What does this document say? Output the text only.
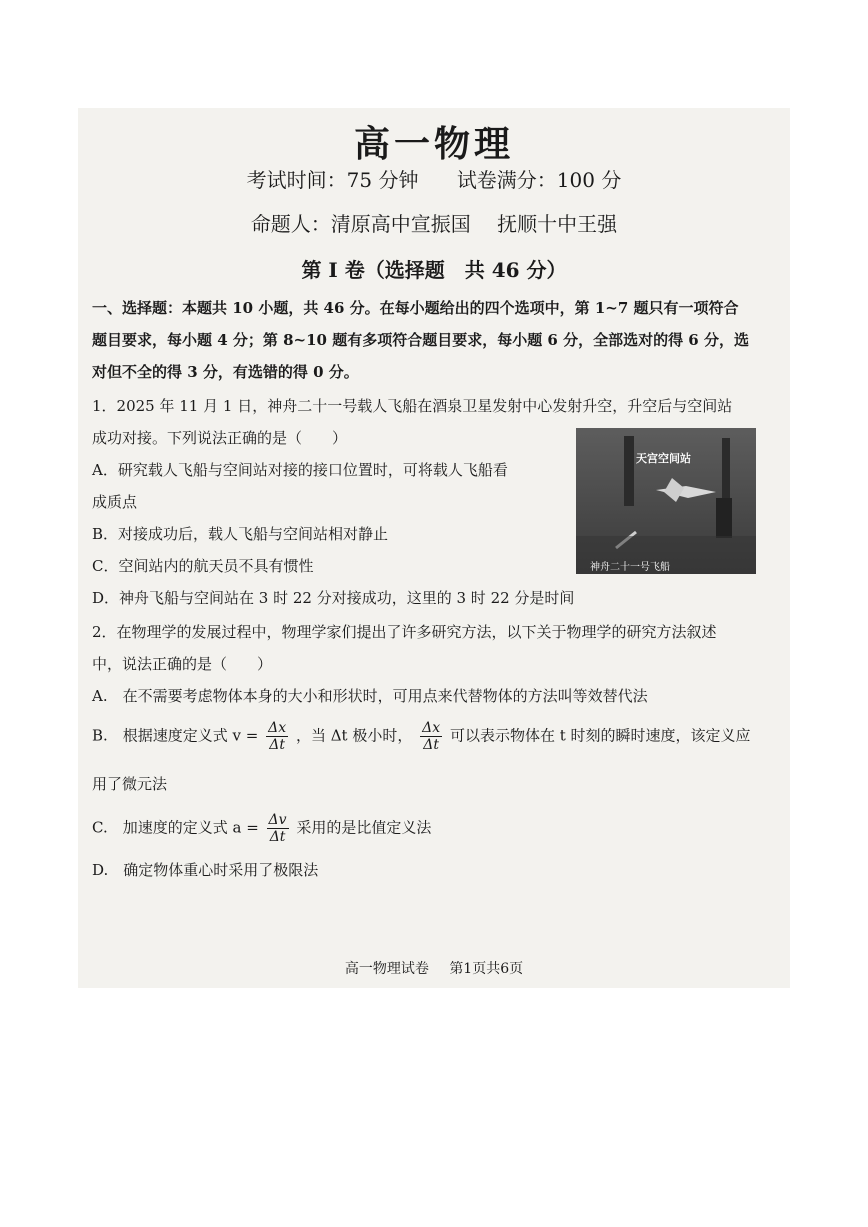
高一物理
考试时间：75 分钟 试卷满分：100 分
命题人：清原高中宣振国 抚顺十中王强
第 I 卷（选择题　共 46 分）
一、选择题：本题共 10 小题，共 46 分。在每小题给出的四个选项中，第 1~7 题只有一项符合
题目要求，每小题 4 分；第 8~10 题有多项符合题目要求，每小题 6 分，全部选对的得 6 分，选
对但不全的得 3 分，有选错的得 0 分。
1．2025 年 11 月 1 日，神舟二十一号载人飞船在酒泉卫星发射中心发射升空，升空后与空间站
成功对接。下列说法正确的是（　　）
A．研究载人飞船与空间站对接的接口位置时，可将载人飞船看
成质点
B．对接成功后，载人飞船与空间站相对静止
C．空间站内的航天员不具有惯性
D．神舟飞船与空间站在 3 时 22 分对接成功，这里的 3 时 22 分是时间
天宫空间站
神舟二十一号飞船
2．在物理学的发展过程中，物理学家们提出了许多研究方法，以下关于物理学的研究方法叙述
中，说法正确的是（　　）
A.　在不需要考虑物体本身的大小和形状时，可用点来代替物体的方法叫等效替代法
B.　根据速度定义式 $v = \frac{\Delta x}{\Delta t}$ ，当 Δt 极小时， $\frac{\Delta x}{\Delta t}$ 可以表示物体在 t 时刻的瞬时速度，该定义应
用了微元法
C.　加速度的定义式 $a = \frac{\Delta v}{\Delta t}$ 采用的是比值定义法
D.　确定物体重心时采用了极限法
高一物理试卷 第1页共6页
